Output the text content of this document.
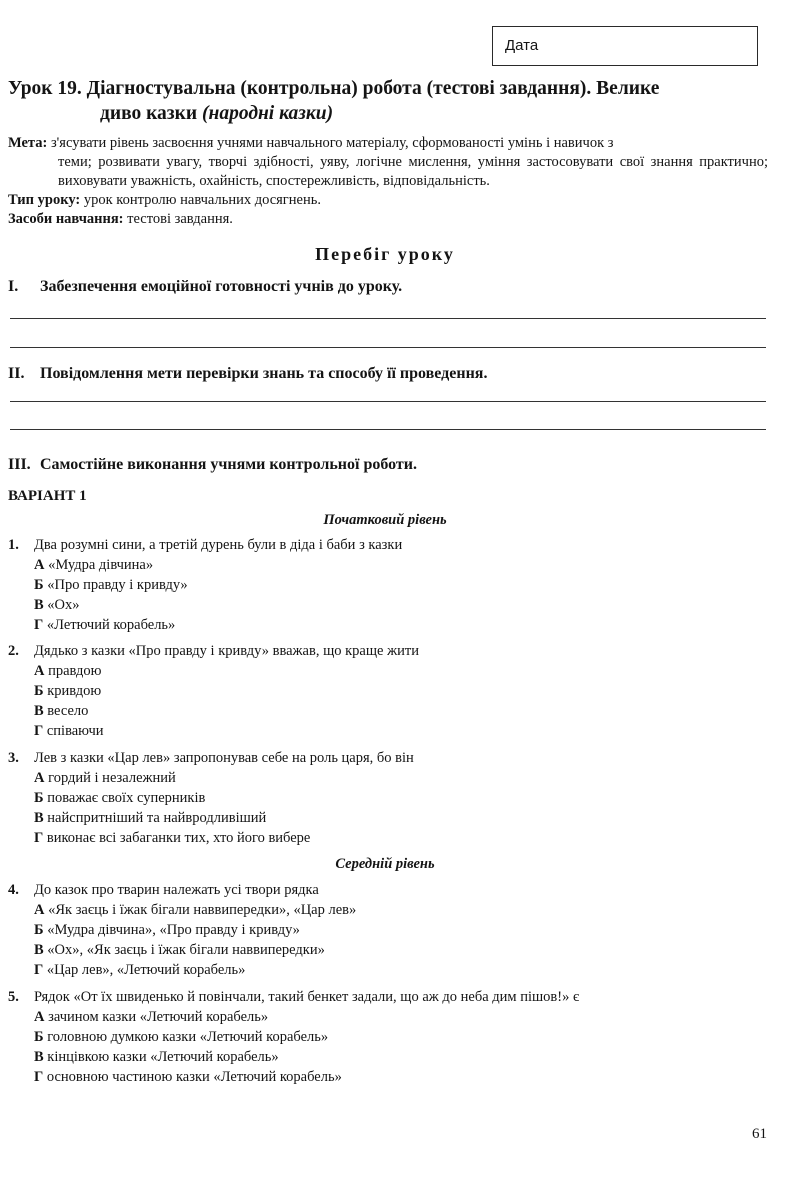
Дата
Урок 19. Діагностувальна (контрольна) робота (тестові завдання). Велике
диво казки (народні казки)

Мета: з'ясувати рівень засвоєння учнями навчального матеріалу, сформованості умінь і навичок з
теми; розвивати увагу, творчі здібності, уяву, логічне мислення, уміння застосовувати свої знання практично; виховувати уважність, охайність, спостережливість, відповідальність.

Тип уроку: урок контролю навчальних досягнень.

Засоби навчання: тестові завдання.

Перебіг уроку
I. Забезпечення емоційної готовності учнів до уроку.
II. Повідомлення мети перевірки знань та способу її проведення.
III. Самостійне виконання учнями контрольної роботи.
ВАРІАНТ 1
Початковий рівень
1. Два розумні сини, а третій дурень були в діда і баби з казки
А «Мудра дівчина»
Б «Про правду і кривду»
В «Ох»
Г «Летючий корабель»
2. Дядько з казки «Про правду і кривду» вважав, що краще жити
А правдою
Б кривдою
В весело
Г співаючи
3. Лев з казки «Цар лев» запропонував себе на роль царя, бо він
А гордий і незалежний
Б поважає своїх суперників
В найспритніший та найвродливіший
Г виконає всі забаганки тих, хто його вибере
Середній рівень
4. До казок про тварин належать усі твори рядка
А «Як заєць і їжак бігали наввипередки», «Цар лев»
Б «Мудра дівчина», «Про правду і кривду»
В «Ох», «Як заєць і їжак бігали наввипередки»
Г «Цар лев», «Летючий корабель»
5. Рядок «От їх швиденько й повінчали, такий бенкет задали, що аж до неба дим пішов!» є
А зачином казки «Летючий корабель»
Б головною думкою казки «Летючий корабель»
В кінцівкою казки «Летючий корабель»
Г основною частиною казки «Летючий корабель»
61
